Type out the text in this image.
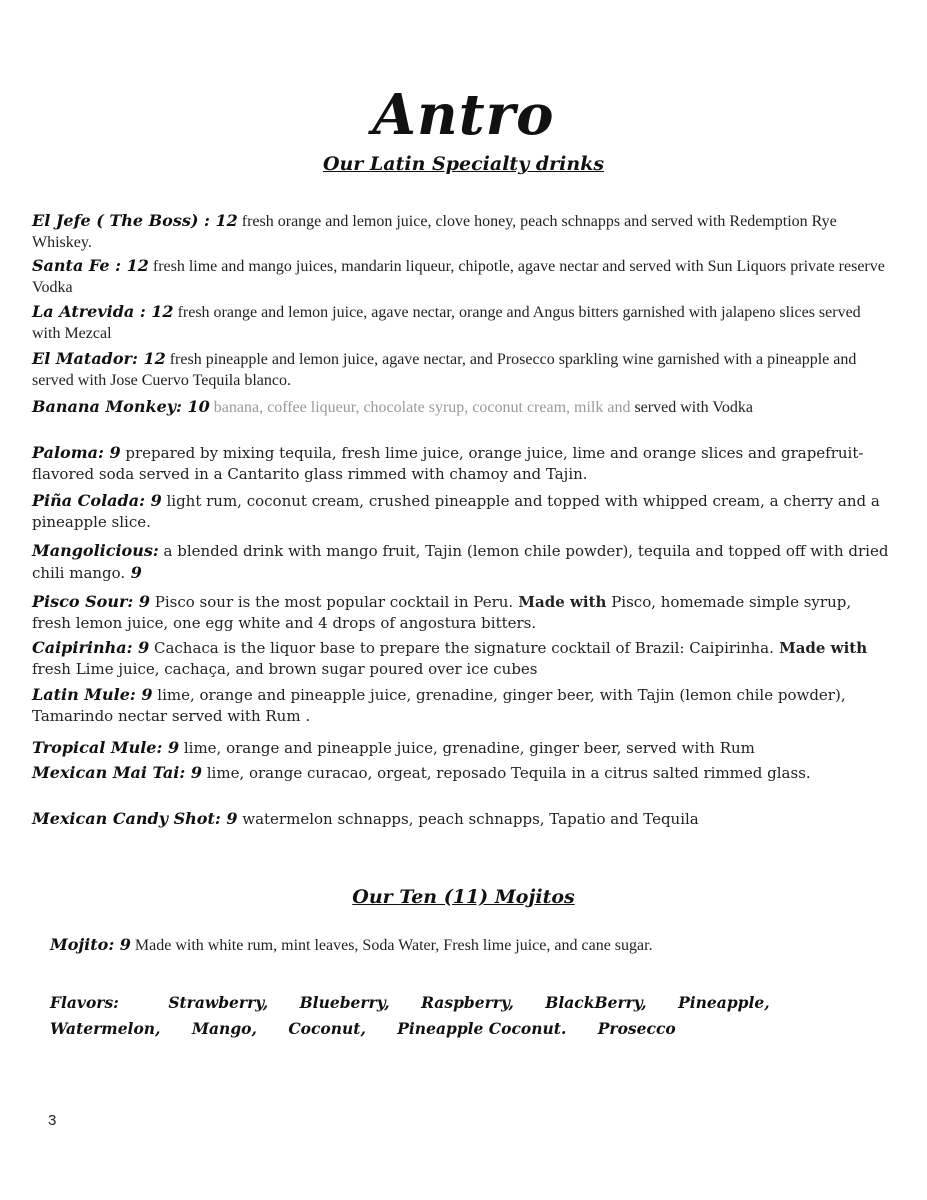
Antro
Our Latin Specialty drinks
El Jefe ( The Boss) : 12 fresh orange and lemon juice, clove honey, peach schnapps and served with Redemption Rye Whiskey.
Santa Fe : 12 fresh lime and mango juices, mandarin liqueur, chipotle, agave nectar and served with Sun Liquors private reserve Vodka
La Atrevida : 12 fresh orange and lemon juice, agave nectar, orange and Angus bitters garnished with jalapeno slices served with Mezcal
El Matador: 12 fresh pineapple and lemon juice, agave nectar, and Prosecco sparkling wine garnished with a pineapple and served with Jose Cuervo Tequila blanco.
Banana Monkey: 10 banana, coffee liqueur, chocolate syrup, coconut cream, milk and served with Vodka
Paloma: 9 prepared by mixing tequila, fresh lime juice, orange juice, lime and orange slices and grapefruit-flavored soda served in a Cantarito glass rimmed with chamoy and Tajin.
Piña Colada: 9 light rum, coconut cream, crushed pineapple and topped with whipped cream, a cherry and a pineapple slice.
Mangolicious: a blended drink with mango fruit, Tajin (lemon chile powder), tequila and topped off with dried chili mango. 9
Pisco Sour: 9 Pisco sour is the most popular cocktail in Peru. Made with Pisco, homemade simple syrup, fresh lemon juice, one egg white and 4 drops of angostura bitters.
Caipirinha: 9 Cachaca is the liquor base to prepare the signature cocktail of Brazil: Caipirinha. Made with fresh Lime juice, cachaça, and brown sugar poured over ice cubes
Latin Mule: 9 lime, orange and pineapple juice, grenadine, ginger beer, with Tajin (lemon chile powder), Tamarindo nectar served with Rum .
Tropical Mule: 9 lime, orange and pineapple juice, grenadine, ginger beer, served with Rum
Mexican Mai Tai: 9 lime, orange curacao, orgeat, reposado Tequila in a citrus salted rimmed glass.
Mexican Candy Shot: 9 watermelon schnapps, peach schnapps, Tapatio and Tequila
Our Ten (11) Mojitos
Mojito: 9 Made with white rum, mint leaves, Soda Water, Fresh lime juice, and cane sugar.
Flavors:	Strawberry, Blueberry, Raspberry, BlackBerry, Pineapple, Watermelon, Mango, Coconut, Pineapple Coconut. Prosecco
3
